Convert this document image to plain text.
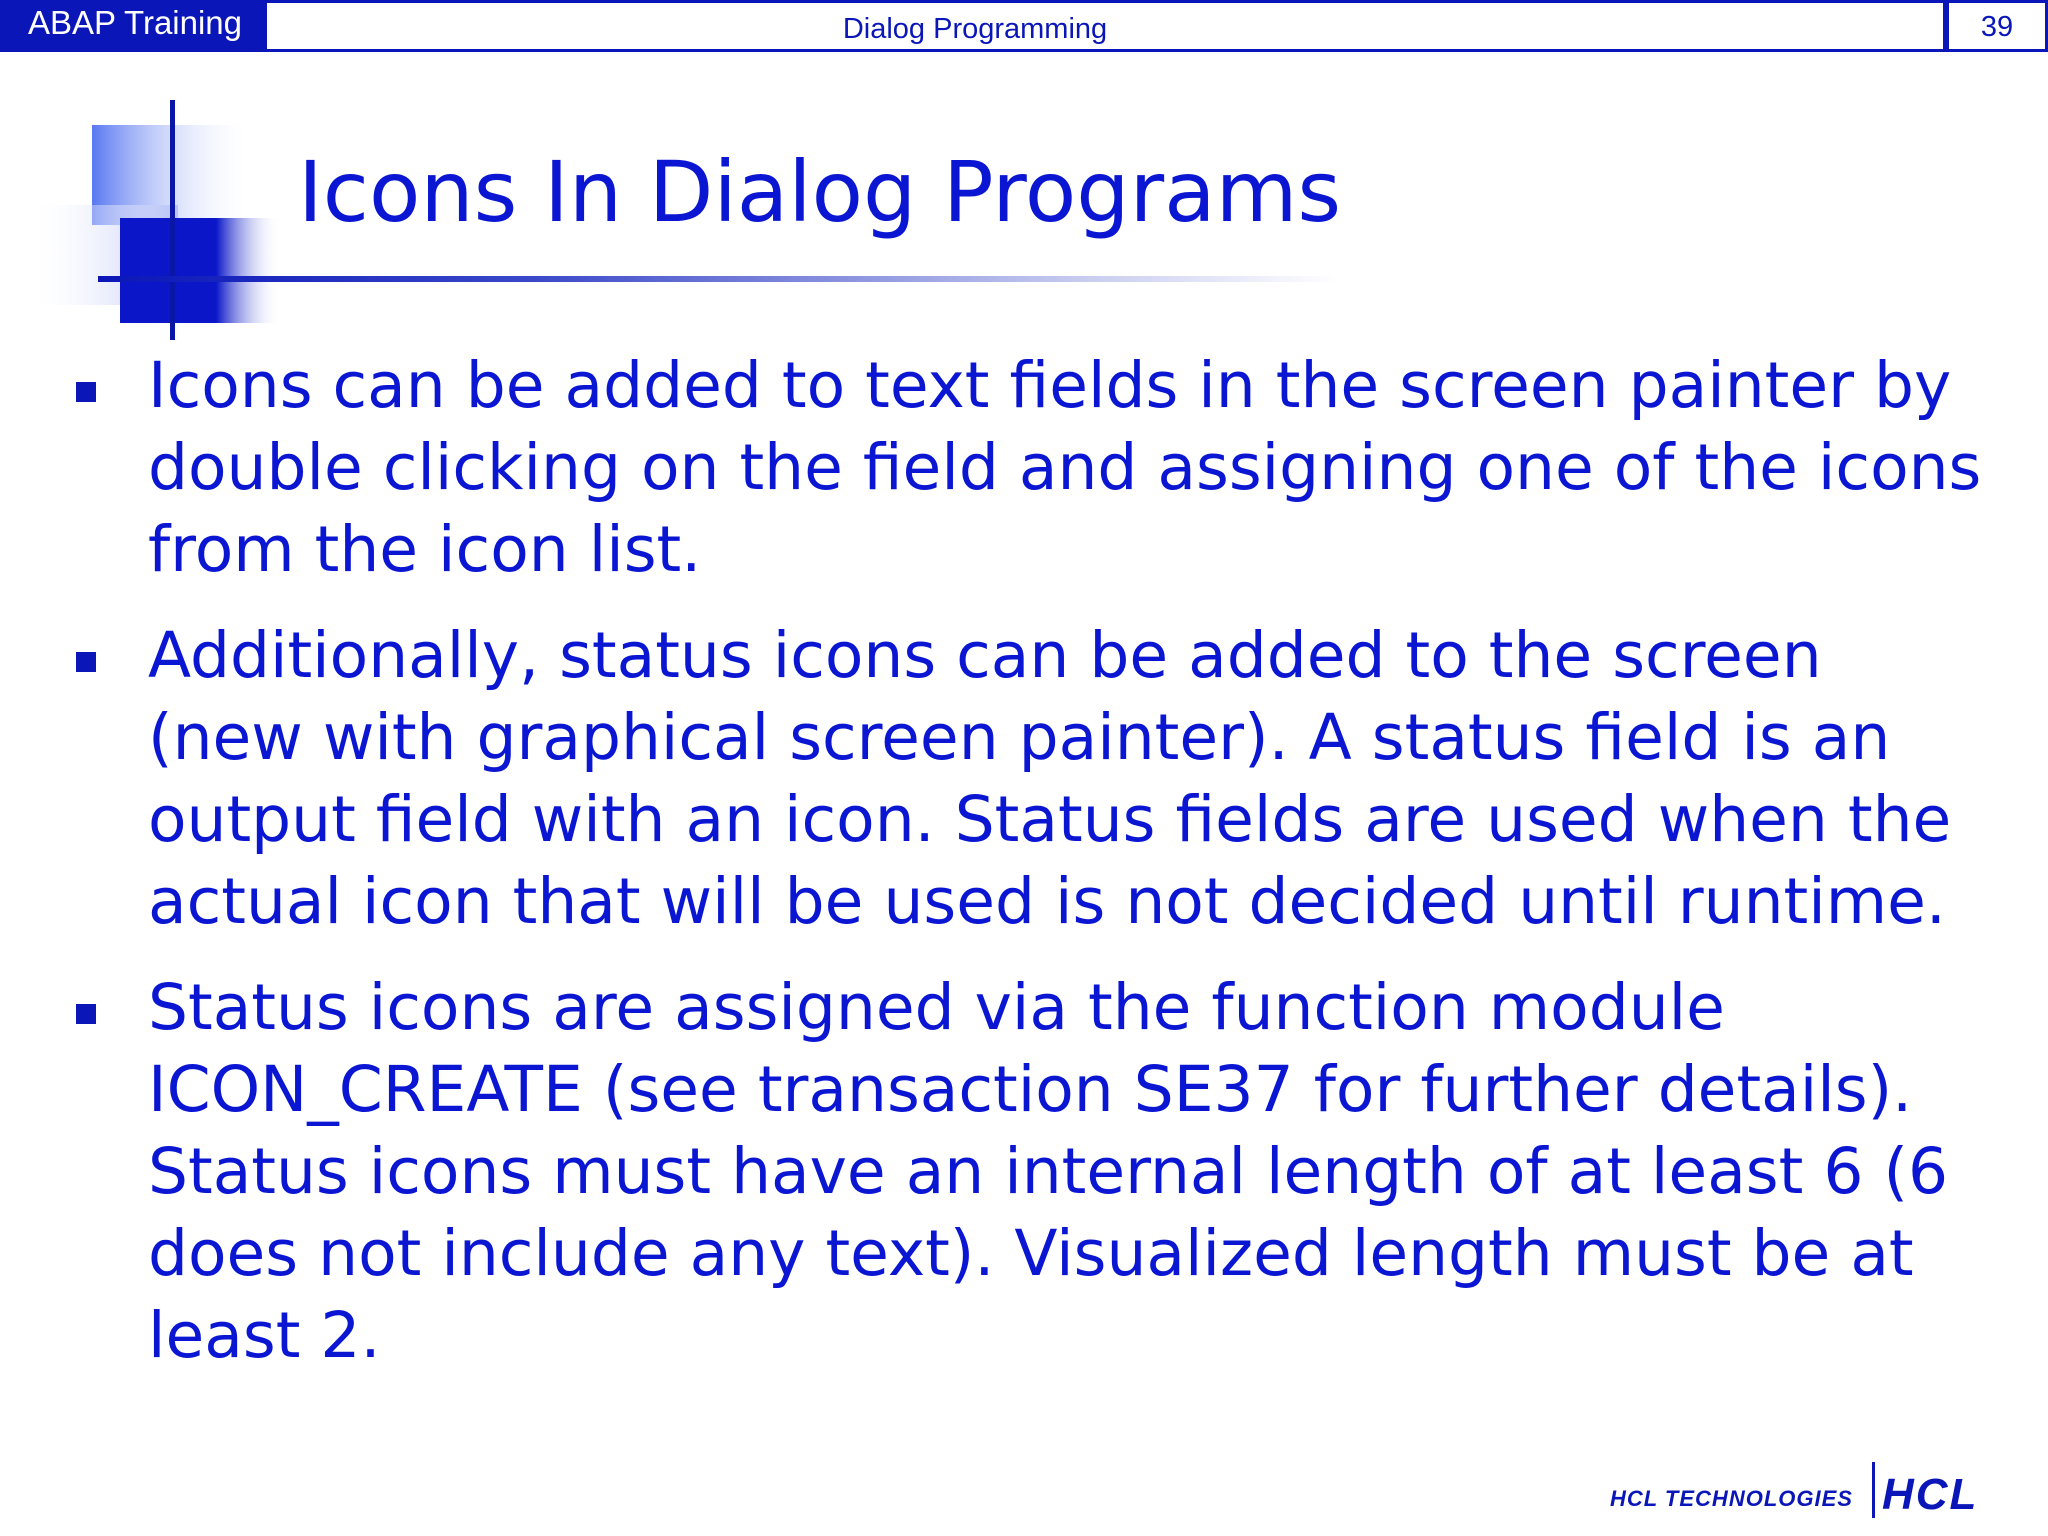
ABAP Training	Dialog Programming	39
Icons In Dialog Programs
Icons can be added to text fields in the screen painter by double clicking on the field and assigning one of the icons from the icon list.
Additionally, status icons can be added to the screen (new with graphical screen painter). A status field is an output field with an icon. Status fields are used when the actual icon that will be used is not decided until runtime.
Status icons are assigned via the function module ICON_CREATE (see transaction SE37 for further details). Status icons must have an internal length of at least 6 (6 does not include any text). Visualized length must be at least 2.
HCL TECHNOLOGIES HCL
